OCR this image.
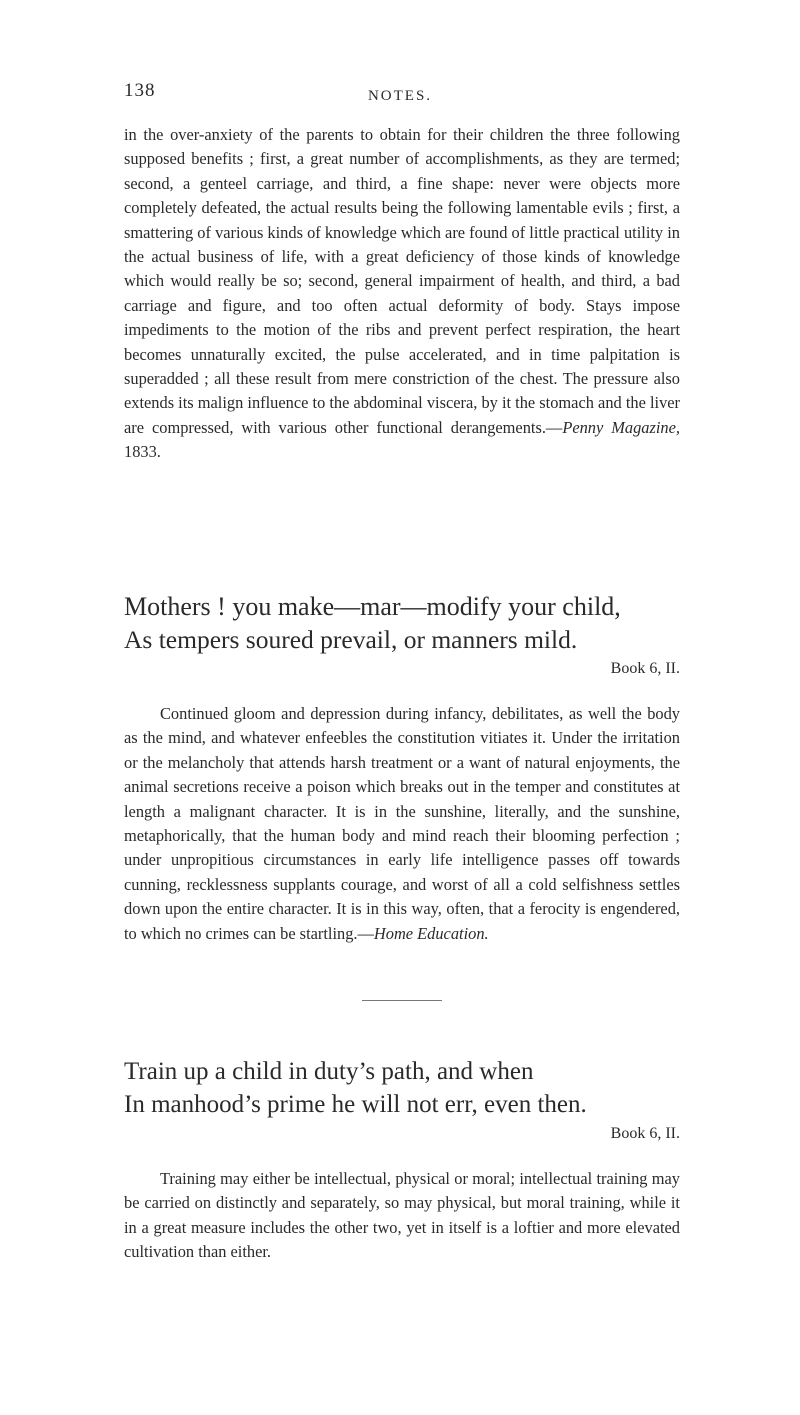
138	NOTES.

in the over-anxiety of the parents to obtain for their children the three following supposed benefits ; first, a great number of accomplishments, as they are termed; second, a genteel carriage, and third, a fine shape: never were objects more completely defeated, the actual results being the following lamentable evils ; first, a smattering of various kinds of knowledge which are found of little practical utility in the actual business of life, with a great deficiency of those kinds of knowledge which would really be so; second, general impairment of health, and third, a bad carriage and figure, and too often actual deformity of body. Stays impose impediments to the motion of the ribs and prevent perfect respiration, the heart becomes unnaturally excited, the pulse accelerated, and in time palpitation is superadded ; all these result from mere constriction of the chest. The pressure also extends its malign influence to the abdominal viscera, by it the stomach and the liver are compressed, with various other functional derangements.—Penny Magazine, 1833.

Mothers ! you make—mar—modify your child,

As tempers soured prevail, or manners mild.

Book 6, II.

Continued gloom and depression during infancy, debilitates, as well the body as the mind, and whatever enfeebles the constitution vitiates it. Under the irritation or the melancholy that attends harsh treatment or a want of natural enjoyments, the animal secretions receive a poison which breaks out in the temper and constitutes at length a malignant character. It is in the sunshine, literally, and the sunshine, metaphorically, that the human body and mind reach their blooming perfection ; under unpropitious circumstances in early life intelligence passes off towards cunning, recklessness supplants courage, and worst of all a cold selfishness settles down upon the entire character. It is in this way, often, that a ferocity is engendered, to which no crimes can be startling.—Home Education.

Train up a child in duty’s path, and when

In manhood’s prime he will not err, even then.

Book 6, II.

Training may either be intellectual, physical or moral; intellectual training may be carried on distinctly and separately, so may physical, but moral training, while it in a great measure includes the other two, yet in itself is a loftier and more elevated cultivation than either.
